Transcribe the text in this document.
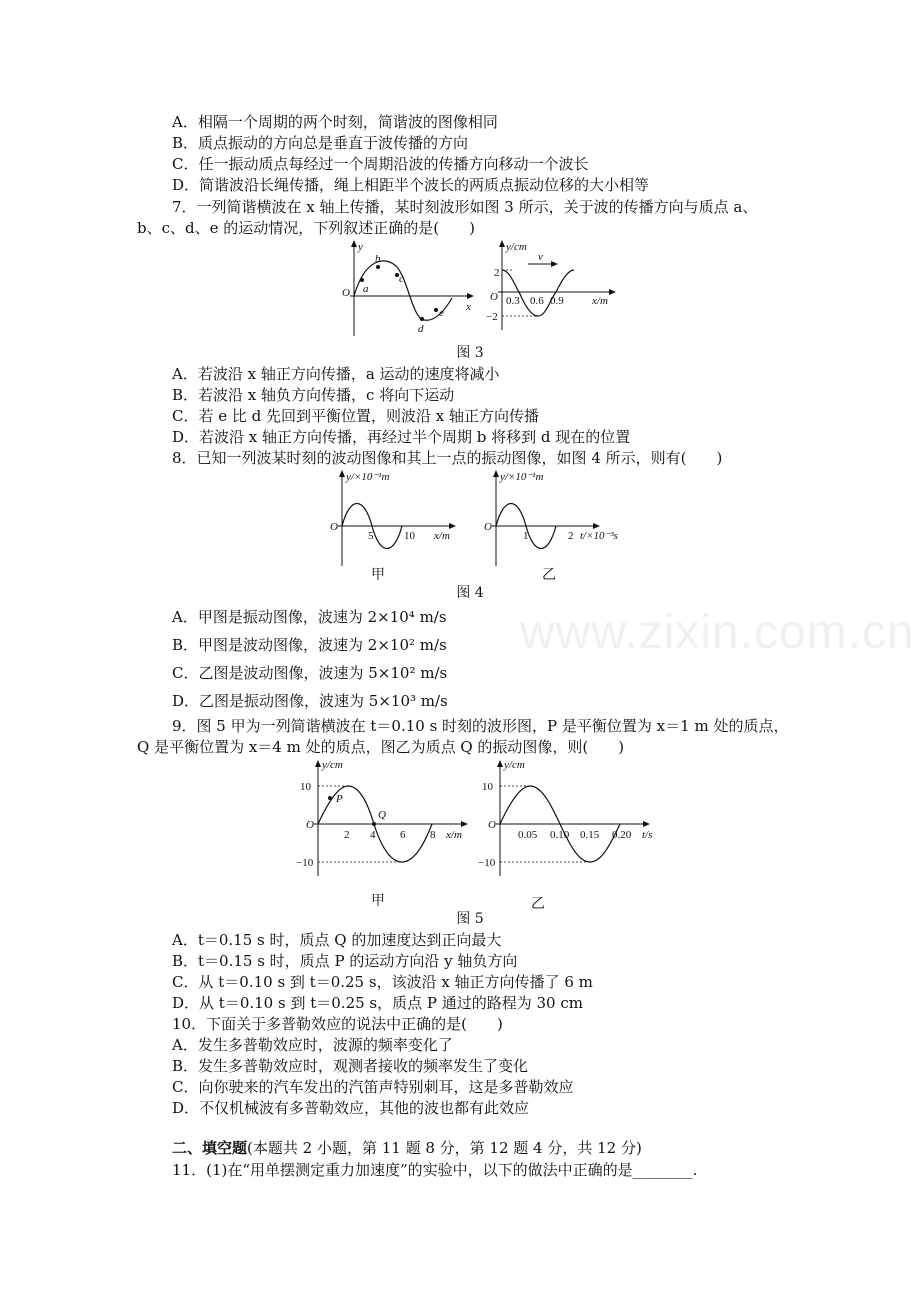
www.zixin.com.cn
A．相隔一个周期的两个时刻，简谐波的图像相同
B．质点振动的方向总是垂直于波传播的方向
C．任一振动质点每经过一个周期沿波的传播方向移动一个波长
D．简谐波沿长绳传播，绳上相距半个波长的两质点振动位移的大小相等
7．一列简谐横波在 x 轴上传播，某时刻波形如图 3 所示，关于波的传播方向与质点 a、
b、c、d、e 的运动情况，下列叙述正确的是(　　)
O
y
x
a
b
c
d
e
y/cm
v
2
−2
O 0.3 0.6 0.9	x/m
图 3
A．若波沿 x 轴正方向传播，a 运动的速度将减小
B．若波沿 x 轴负方向传播，c 将向下运动
C．若 e 比 d 先回到平衡位置，则波沿 x 轴正方向传播
D．若波沿 x 轴正方向传播，再经过半个周期 b 将移到 d 现在的位置
8．已知一列波某时刻的波动图像和其上一点的振动图像，如图 4 所示，则有(　　)
y/×10⁻¹m
O
5	10 x/m
y/×10⁻¹m
O
1	2 t/×10⁻³s
甲	乙
图 4
A．甲图是振动图像，波速为 2×10⁴ m/s
B．甲图是波动图像，波速为 2×10² m/s
C．乙图是波动图像，波速为 5×10² m/s
D．乙图是振动图像，波速为 5×10³ m/s
9．图 5 甲为一列简谐横波在 t＝0.10 s 时刻的波形图，P 是平衡位置为 x＝1 m 处的质点，
Q 是平衡位置为 x＝4 m 处的质点，图乙为质点 Q 的振动图像，则(　　)
y/cm
10
−10
O
P
Q
2 4 6 8 x/m
y/cm
10
−10
O
0.05 0.10 0.15 0.20 t/s
甲	乙
图 5
A．t＝0.15 s 时，质点 Q 的加速度达到正向最大
B．t＝0.15 s 时，质点 P 的运动方向沿 y 轴负方向
C．从 t＝0.10 s 到 t＝0.25 s，该波沿 x 轴正方向传播了 6 m
D．从 t＝0.10 s 到 t＝0.25 s，质点 P 通过的路程为 30 cm
10．下面关于多普勒效应的说法中正确的是(　　)
A．发生多普勒效应时，波源的频率变化了
B．发生多普勒效应时，观测者接收的频率发生了变化
C．向你驶来的汽车发出的汽笛声特别刺耳，这是多普勒效应
D．不仅机械波有多普勒效应，其他的波也都有此效应
二、填空题(本题共 2 小题，第 11 题 8 分，第 12 题 4 分，共 12 分)
11．(1)在“用单摆测定重力加速度”的实验中，以下的做法中正确的是________.
